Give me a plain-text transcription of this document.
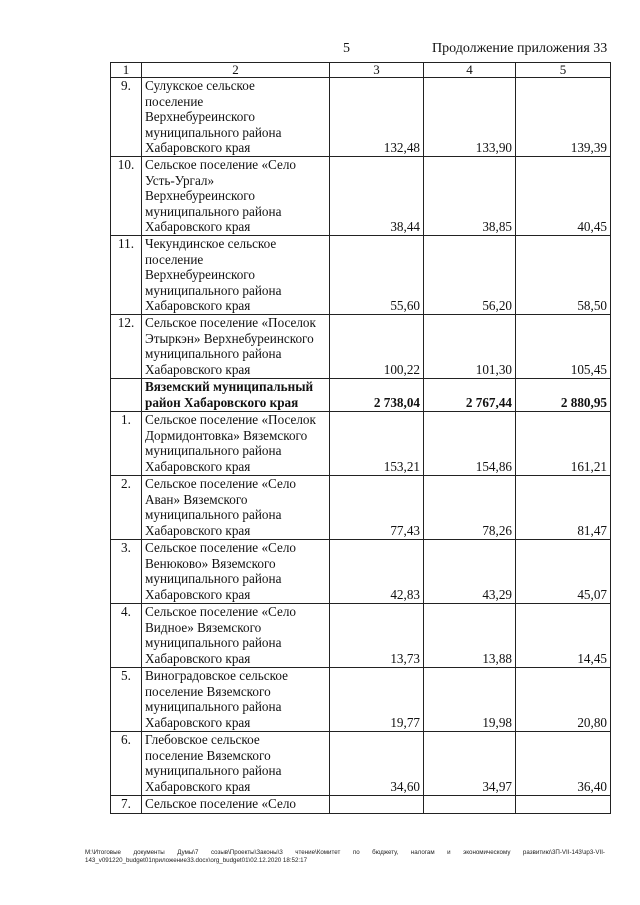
5	Продолжение приложения 33
1	2	3	4	5
9.	Сулукское сельское
поселение
Верхнебуреинского
муниципального района
Хабаровского края	132,48	133,90	139,39
10.	Сельское поселение «Село
Усть-Ургал»
Верхнебуреинского
муниципального района
Хабаровского края	38,44	38,85	40,45
11.	Чекундинское сельское
поселение
Верхнебуреинского
муниципального района
Хабаровского края	55,60	56,20	58,50
12.	Сельское поселение «Поселок
Этыркэн» Верхнебуреинского
муниципального района
Хабаровского края	100,22	101,30	105,45

	Вяземский муниципальный
район Хабаровского края	2 738,04	2 767,44	2 880,95
1.	Сельское поселение «Поселок
Дормидонтовка» Вяземского
муниципального района
Хабаровского края	153,21	154,86	161,21
2.	Сельское поселение «Село
Аван» Вяземского
муниципального района
Хабаровского края	77,43	78,26	81,47
3.	Сельское поселение «Село
Венюково» Вяземского
муниципального района
Хабаровского края	42,83	43,29	45,07
4.	Сельское поселение «Село
Видное» Вяземского
муниципального района
Хабаровского края	13,73	13,88	14,45
5.	Виноградовское сельское
поселение Вяземского
муниципального района
Хабаровского края	19,77	19,98	20,80
6.	Глебовское сельское
поселение Вяземского
муниципального района
Хабаровского края	34,60	34,97	36,40
7.	Сельское поселение «Село			

M:\Итоговые документы Думы\7 созыв\Проекты\Законы\3 чтение\Комитет по бюджету, налогам и экономическому развитию\3П-VII-143\зр3-VII-143_v091220_budget01приложение33.docx\org_budget01\02.12.2020 18:52:17
